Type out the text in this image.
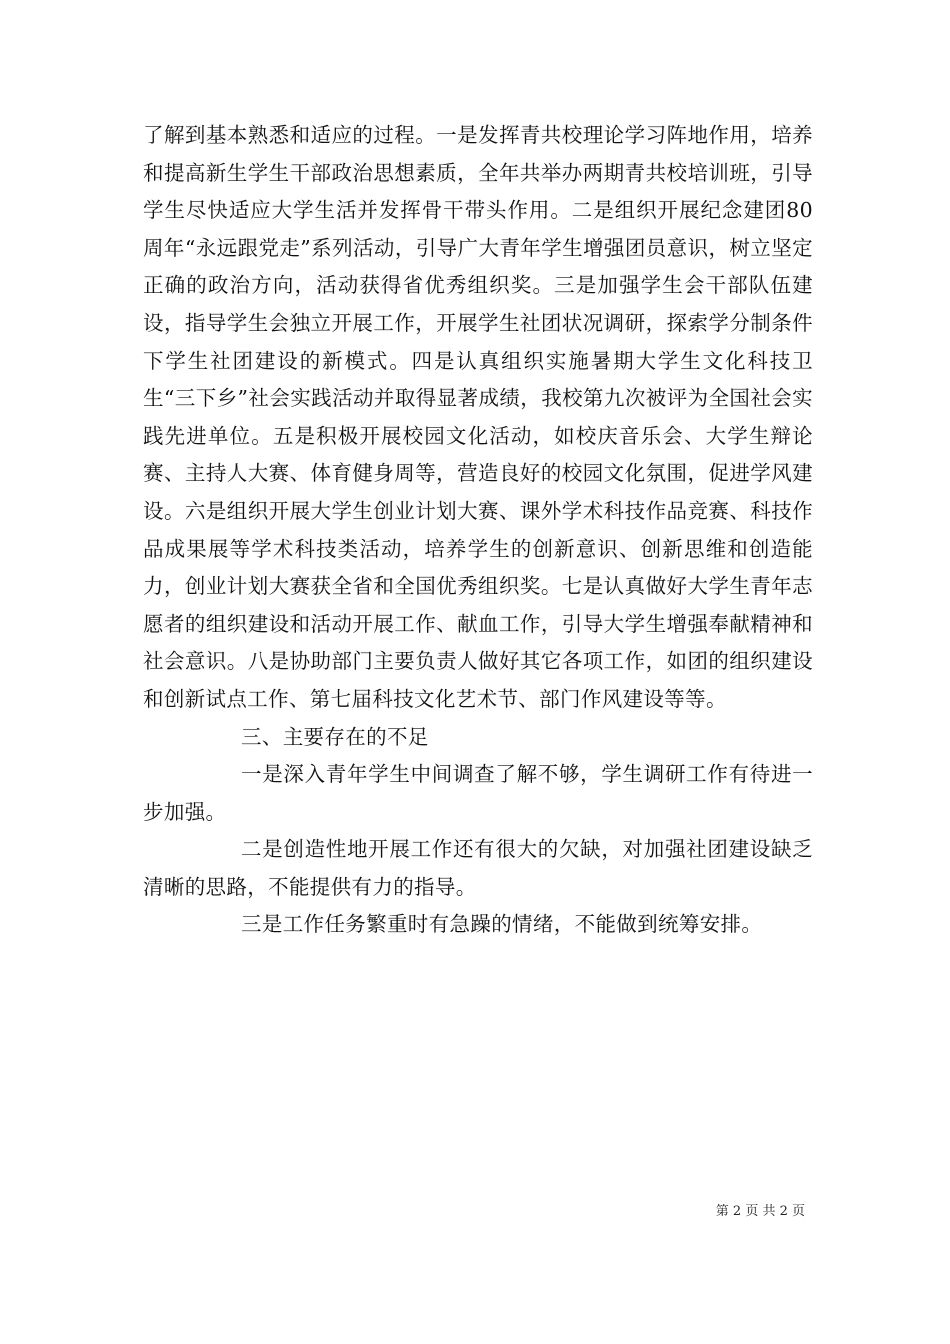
了解到基本熟悉和适应的过程。一是发挥青共校理论学习阵地作用，培养和提高新生学生干部政治思想素质，全年共举办两期青共校培训班，引导学生尽快适应大学生活并发挥骨干带头作用。二是组织开展纪念建团80周年“永远跟党走”系列活动，引导广大青年学生增强团员意识，树立坚定正确的政治方向，活动获得省优秀组织奖。三是加强学生会干部队伍建设，指导学生会独立开展工作，开展学生社团状况调研，探索学分制条件下学生社团建设的新模式。四是认真组织实施暑期大学生文化科技卫生“三下乡”社会实践活动并取得显著成绩，我校第九次被评为全国社会实践先进单位。五是积极开展校园文化活动，如校庆音乐会、大学生辩论赛、主持人大赛、体育健身周等，营造良好的校园文化氛围，促进学风建设。六是组织开展大学生创业计划大赛、课外学术科技作品竞赛、科技作品成果展等学术科技类活动，培养学生的创新意识、创新思维和创造能力，创业计划大赛获全省和全国优秀组织奖。七是认真做好大学生青年志愿者的组织建设和活动开展工作、献血工作，引导大学生增强奉献精神和社会意识。八是协助部门主要负责人做好其它各项工作，如团的组织建设和创新试点工作、第七届科技文化艺术节、部门作风建设等等。

三、主要存在的不足

一是深入青年学生中间调查了解不够，学生调研工作有待进一步加强。

二是创造性地开展工作还有很大的欠缺，对加强社团建设缺乏清晰的思路，不能提供有力的指导。

三是工作任务繁重时有急躁的情绪，不能做到统筹安排。

第 2 页 共 2 页
